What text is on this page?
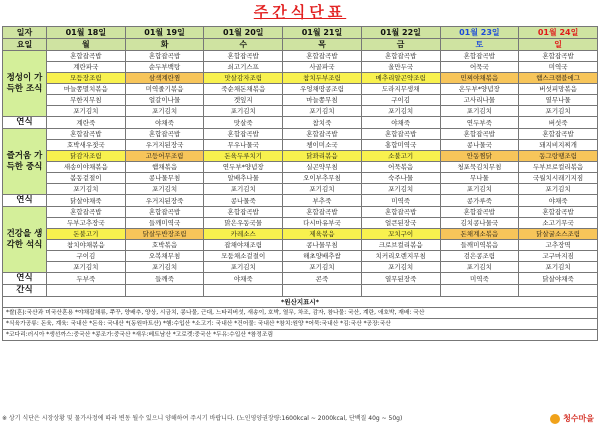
주간식단표
일자	01월 18일	01월 19일	01월 20일	01월 21일	01월 22일	01월 23일	01월 24일
요일	월	화	수	목	금	토	일
정성이 가득한 조식	혼합잡곡밥	혼합잡곡밥	혼합잡곡밥	혼합잡곡밥	혼합잡곡밥	혼합잡곡밥	혼합잡곡밥
	계란파국	순두부백탕	쇠고기스프	사골파국	올만두국	어묵국	미역국
	모듬장조림	삼색계란찜	맛살감자조림	참치두부조림	메추리알곤약조림	민찌야채볶음	햄스크램블에그
	마늘쫑멸치볶음	미역줄기볶음	죽순채돈채볶음	우엉채땅콩조림	도라지무생채	온두부*양념장	버섯피망볶음
	무한지무침	얼갈이나물	겟잎지	마늘쫑무침	구이김	고사리나물	열무나물
	포기김치	포기김치	포기김치	포기김치	포기김치	포기김치	포기김치
연식	계란죽	야채죽	맛살죽	참치죽	야채죽	연두부죽	버섯죽
즐거움 가득한 중식	혼합잡곡밥	혼합잡곡밥	혼합잡곡밥	혼합잡곡밥	혼합잡곡밥	혼합잡곡밥	혼합잡곡밥
	호박새우젓국	우거지된장국	무우나물국	쳉이미소국	홍합미역국	콩나물국	돼지비지찌개
	닭감자조림	고등어무조림	돈육두루치기	닭꽈리볶음	소불고기	안동찜닭	동그랑땡조림
	새송이야채볶음	햄채볶음	연두부*양념장	실곤약무침	어묵볶음	청포묵김치무침	두부브로컬리볶음
	봄동겉절이	콩나물무침	알배추나물	오이부추무침	숙주나물	무나물	국월치시래기지짐
	포기김치	포기김치	포기김치	포기김치	포기김치	포기김치	포기김치
연식	닭살야채죽	우거지된장죽	콩나물죽	부추죽	미역죽	콩가루죽	야채죽
건강을 생각한 석식	혼합잡곡밥	혼합잡곡밥	혼합잡곡밥	혼합잡곡밥	혼합잡곡밥	혼합잡곡밥	혼합잡곡밥
	두부고추장국	들깨미역국	맑은우동국물	다시마유부국	얼큰된장국	김치콩나물국	소고기무국
	돈불고기	닭살두반장조림	카레소스	제육볶음	꼬치구이	돈채계소볶음	닭살굴소스조림
	참치야채볶음	호박볶음	잡채야채조림	콩나물무침	크로브컬리볶음	들깨미역볶음	고추장멱
	구이김	오복채무침	모둠채소겉절이	해초양배추쌈	치커리오렌지무침	검은콩조림	고구마지짐
	포기김치	포기김치	포기김치	포기김치	포기김치	포기김치	포기김치
연식	두부죽	들깨죽	야채죽	콘죽	열무된장죽	미역죽	닭살야채죽
간식							
*원산지표시*							
*쌀(혼):국산과 미국산혼용 *야채잡채류, 쭈꾸, 양배추, 양상, 시금치, 콩나물, 근대, 느타리버섯, 새송이, 호박, 열무, 차조, 감자, 참나물: 국산, 계란, 애호박, 재배: 국산							
*식육가공류: 돈육, 계육: 국내산 *돈육: 국내산 *(동원마트산) *햄:수입산 *소고기: 국내산 *건어물: 국내산 *참치:원양 *어묵:국내산 *김:국산 *공장:국산							
*코다리:러시아 *생선까스:중국산 *콩조가:중국산 *새우:베트남산 *고로켓:중국산 *두유:수입산 *참정조림							
※ 상기 식단은 시장상황 및 물가사정에 따라 변동 될수 있으니 양해하여 주시기 바랍니다. (노인영양권장량:1600kcal ~ 2000kcal, 단백질 40g ~ 50g)	청수마을
